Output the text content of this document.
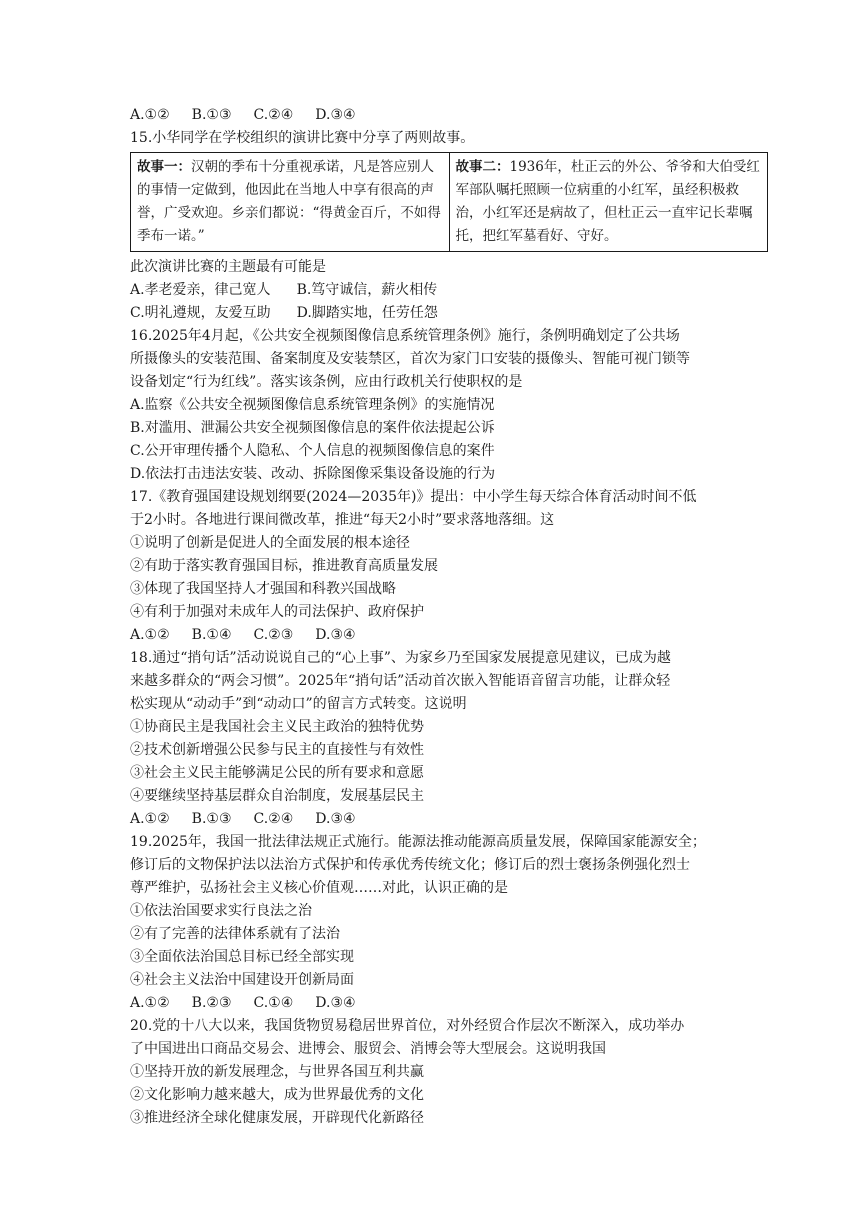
A.①② B.①③ C.②④ D.③④
15.小华同学在学校组织的演讲比赛中分享了两则故事。
故事一：汉朝的季布十分重视承诺，凡是答应别人的事情一定做到，他因此在当地人中享有很高的声誉，广受欢迎。乡亲们都说：“得黄金百斤，不如得季布一诺。”	故事二：1936年，杜正云的外公、爷爷和大伯受红军部队嘱托照顾一位病重的小红军，虽经积极救治，小红军还是病故了，但杜正云一直牢记长辈嘱托，把红军墓看好、守好。
此次演讲比赛的主题最有可能是
A.孝老爱亲，律己宽人 B.笃守诚信，薪火相传
C.明礼遵规，友爱互助 D.脚踏实地，任劳任怨
16.2025年4月起，《公共安全视频图像信息系统管理条例》施行，条例明确划定了公共场
所摄像头的安装范围、备案制度及安装禁区，首次为家门口安装的摄像头、智能可视门锁等
设备划定“行为红线”。落实该条例，应由行政机关行使职权的是
A.监察《公共安全视频图像信息系统管理条例》的实施情况
B.对滥用、泄漏公共安全视频图像信息的案件依法提起公诉
C.公开审理传播个人隐私、个人信息的视频图像信息的案件
D.依法打击违法安装、改动、拆除图像采集设备设施的行为
17.《教育强国建设规划纲要(2024—2035年)》提出：中小学生每天综合体育活动时间不低
于2小时。各地进行课间微改革，推进“每天2小时”要求落地落细。这
①说明了创新是促进人的全面发展的根本途径
②有助于落实教育强国目标，推进教育高质量发展
③体现了我国坚持人才强国和科教兴国战略
④有利于加强对未成年人的司法保护、政府保护
A.①② B.①④ C.②③ D.③④
18.通过“捎句话”活动说说自己的“心上事”、为家乡乃至国家发展提意见建议，已成为越
来越多群众的“两会习惯”。2025年“捎句话”活动首次嵌入智能语音留言功能，让群众轻
松实现从“动动手”到“动动口”的留言方式转变。这说明
①协商民主是我国社会主义民主政治的独特优势
②技术创新增强公民参与民主的直接性与有效性
③社会主义民主能够满足公民的所有要求和意愿
④要继续坚持基层群众自治制度，发展基层民主
A.①② B.①③ C.②④ D.③④
19.2025年，我国一批法律法规正式施行。能源法推动能源高质量发展，保障国家能源安全；
修订后的文物保护法以法治方式保护和传承优秀传统文化；修订后的烈士褒扬条例强化烈士
尊严维护，弘扬社会主义核心价值观……对此，认识正确的是
①依法治国要求实行良法之治
②有了完善的法律体系就有了法治
③全面依法治国总目标已经全部实现
④社会主义法治中国建设开创新局面
A.①② B.②③ C.①④ D.③④
20.党的十八大以来，我国货物贸易稳居世界首位，对外经贸合作层次不断深入，成功举办
了中国进出口商品交易会、进博会、服贸会、消博会等大型展会。这说明我国
①坚持开放的新发展理念，与世界各国互利共赢
②文化影响力越来越大，成为世界最优秀的文化
③推进经济全球化健康发展，开辟现代化新路径
